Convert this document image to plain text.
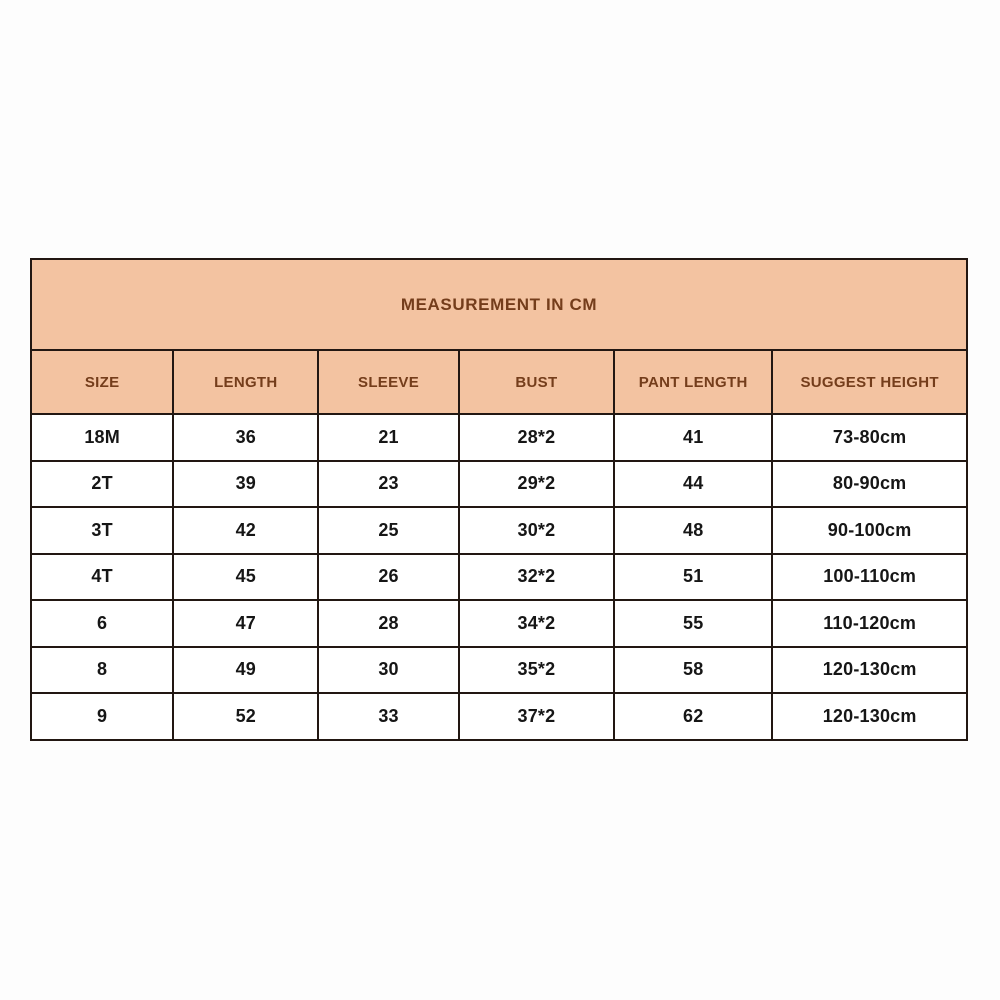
MEASUREMENT IN CM					
SIZE	LENGTH	SLEEVE	BUST	PANT LENGTH	SUGGEST HEIGHT
18M	36	21	28*2	41	73-80cm
2T	39	23	29*2	44	80-90cm
3T	42	25	30*2	48	90-100cm
4T	45	26	32*2	51	100-110cm
6	47	28	34*2	55	110-120cm
8	49	30	35*2	58	120-130cm
9	52	33	37*2	62	120-130cm
